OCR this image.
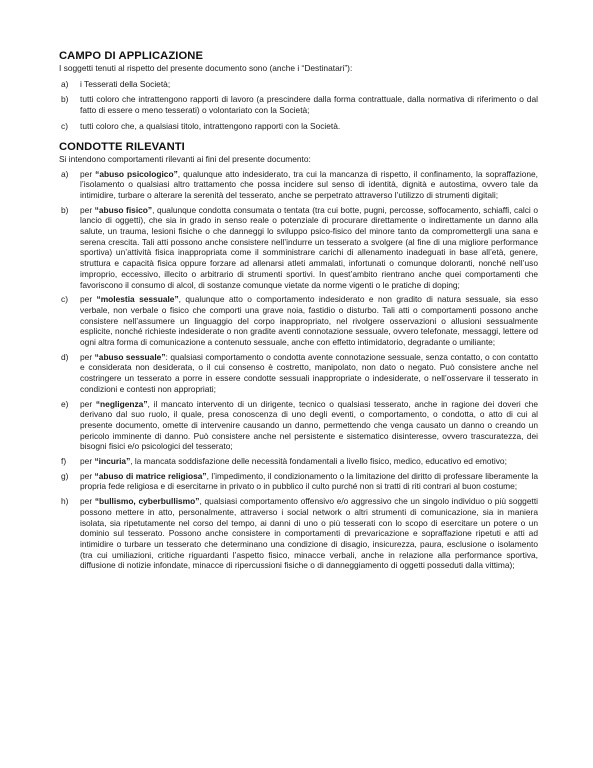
CAMPO DI APPLICAZIONE

I soggetti tenuti al rispetto del presente documento sono (anche i “Destinatari”):

a) i Tesserati della Società;
b) tutti coloro che intrattengono rapporti di lavoro (a prescindere dalla forma contrattuale, dalla normativa di riferimento o dal fatto di essere o meno tesserati) o volontariato con la Società;
c) tutti coloro che, a qualsiasi titolo, intrattengono rapporti con la Società.
CONDOTTE RILEVANTI

Si intendono comportamenti rilevanti ai fini del presente documento:

a) per “abuso psicologico”, qualunque atto indesiderato, tra cui la mancanza di rispetto, il confinamento, la sopraffazione, l’isolamento o qualsiasi altro trattamento che possa incidere sul senso di identità, dignità e autostima, ovvero tale da intimidire, turbare o alterare la serenità del tesserato, anche se perpetrato attraverso l’utilizzo di strumenti digitali;
b) per “abuso fisico”, qualunque condotta consumata o tentata (tra cui botte, pugni, percosse, soffocamento, schiaffi, calci o lancio di oggetti), che sia in grado in senso reale o potenziale di procurare direttamente o indirettamente un danno alla salute, un trauma, lesioni fisiche o che danneggi lo sviluppo psico-fisico del minore tanto da compromettergli una sana e serena crescita. Tali atti possono anche consistere nell’indurre un tesserato a svolgere (al fine di una migliore performance sportiva) un’attività fisica inappropriata come il somministrare carichi di allenamento inadeguati in base all’età, genere, struttura e capacità fisica oppure forzare ad allenarsi atleti ammalati, infortunati o comunque doloranti, nonché nell’uso improprio, eccessivo, illecito o arbitrario di strumenti sportivi. In quest’ambito rientrano anche quei comportamenti che favoriscono il consumo di alcol, di sostanze comunque vietate da norme vigenti o le pratiche di doping;
c) per “molestia sessuale”, qualunque atto o comportamento indesiderato e non gradito di natura sessuale, sia esso verbale, non verbale o fisico che comporti una grave noia, fastidio o disturbo. Tali atti o comportamenti possono anche consistere nell’assumere un linguaggio del corpo inappropriato, nel rivolgere osservazioni o allusioni sessualmente esplicite, nonché richieste indesiderate o non gradite aventi connotazione sessuale, ovvero telefonate, messaggi, lettere od ogni altra forma di comunicazione a contenuto sessuale, anche con effetto intimidatorio, degradante o umiliante;
d) per “abuso sessuale”: qualsiasi comportamento o condotta avente connotazione sessuale, senza contatto, o con contatto e considerata non desiderata, o il cui consenso è costretto, manipolato, non dato o negato. Può consistere anche nel costringere un tesserato a porre in essere condotte sessuali inappropriate o indesiderate, o nell’osservare il tesserato in condizioni e contesti non appropriati;
e) per “negligenza”, il mancato intervento di un dirigente, tecnico o qualsiasi tesserato, anche in ragione dei doveri che derivano dal suo ruolo, il quale, presa conoscenza di uno degli eventi, o comportamento, o condotta, o atto di cui al presente documento, omette di intervenire causando un danno, permettendo che venga causato un danno o creando un pericolo imminente di danno. Può consistere anche nel persistente e sistematico disinteresse, ovvero trascuratezza, dei bisogni fisici e/o psicologici del tesserato;
f) per “incuria”, la mancata soddisfazione delle necessità fondamentali a livello fisico, medico, educativo ed emotivo;
g) per “abuso di matrice religiosa”, l’impedimento, il condizionamento o la limitazione del diritto di professare liberamente la propria fede religiosa e di esercitarne in privato o in pubblico il culto purché non si tratti di riti contrari al buon costume;
h) per “bullismo, cyberbullismo”, qualsiasi comportamento offensivo e/o aggressivo che un singolo individuo o più soggetti possono mettere in atto, personalmente, attraverso i social network o altri strumenti di comunicazione, sia in maniera isolata, sia ripetutamente nel corso del tempo, ai danni di uno o più tesserati con lo scopo di esercitare un potere o un dominio sul tesserato. Possono anche consistere in comportamenti di prevaricazione e sopraffazione ripetuti e atti ad intimidire o turbare un tesserato che determinano una condizione di disagio, insicurezza, paura, esclusione o isolamento (tra cui umiliazioni, critiche riguardanti l’aspetto fisico, minacce verbali, anche in relazione alla performance sportiva, diffusione di notizie infondate, minacce di ripercussioni fisiche o di danneggiamento di oggetti posseduti dalla vittima);
